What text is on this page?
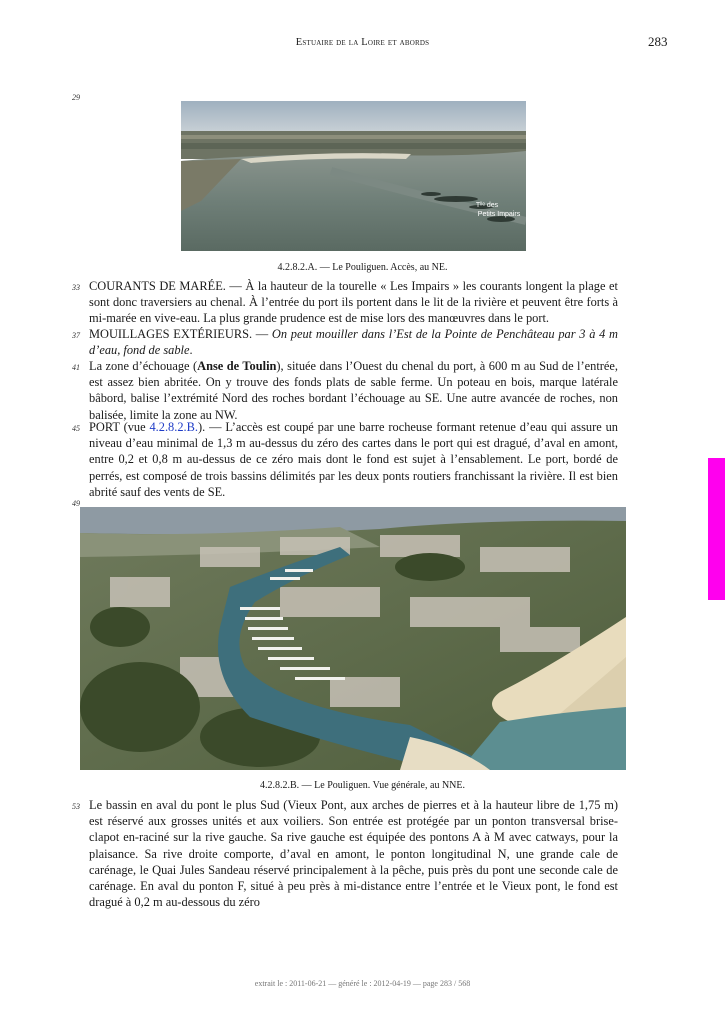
Estuaire de la Loire et abords	283
29
Tˡˡᵉ des
Petits Impairs
4.2.8.2.A. — Le Pouliguen. Accès, au NE.
33 COURANTS DE MARÉE. — À la hauteur de la tourelle « Les Impairs » les courants longent la plage et sont donc traversiers au chenal. À l’entrée du port ils portent dans le lit de la rivière et peuvent être forts à mi-marée en vive-eau. La plus grande prudence est de mise lors des manœuvres dans le port.

37 MOUILLAGES EXTÉRIEURS. — On peut mouiller dans l’Est de la Pointe de Penchâteau par 3 à 4 m d’eau, fond de sable.

41 La zone d’échouage (Anse de Toulin), située dans l’Ouest du chenal du port, à 600 m au Sud de l’entrée, est assez bien abritée. On y trouve des fonds plats de sable ferme. Un poteau en bois, marque latérale bâbord, balise l’extrémité Nord des roches bordant l’échouage au SE. Une autre avancée de roches, non balisée, limite la zone au NW.

45 PORT (vue 4.2.8.2.B.). — L’accès est coupé par une barre rocheuse formant retenue d’eau qui assure un niveau d’eau minimal de 1,3 m au-dessus du zéro des cartes dans le port qui est dragué, d’aval en amont, entre 0,2 et 0,8 m au-dessus de ce zéro mais dont le fond est sujet à l’ensablement. Le port, bordé de perrés, est composé de trois bassins délimités par les deux ponts routiers franchissant la rivière. Il est bien abrité sauf des vents de SE.

49
4.2.8.2.B. — Le Pouliguen. Vue générale, au NNE.
53 Le bassin en aval du pont le plus Sud (Vieux Pont, aux arches de pierres et à la hauteur libre de 1,75 m) est réservé aux grosses unités et aux voiliers. Son entrée est protégée par un ponton transversal brise-clapot en-raciné sur la rive gauche. Sa rive gauche est équipée des pontons A à M avec catways, pour la plaisance. Sa rive droite comporte, d’aval en amont, le ponton longitudinal N, une grande cale de carénage, le Quai Jules Sandeau réservé principalement à la pêche, puis près du pont une seconde cale de carénage. En aval du ponton F, situé à peu près à mi-distance entre l’entrée et le Vieux pont, le fond est dragué à 0,2 m au-dessous du zéro

extrait le : 2011-06-21 — généré le : 2012-04-19 — page 283 / 568
